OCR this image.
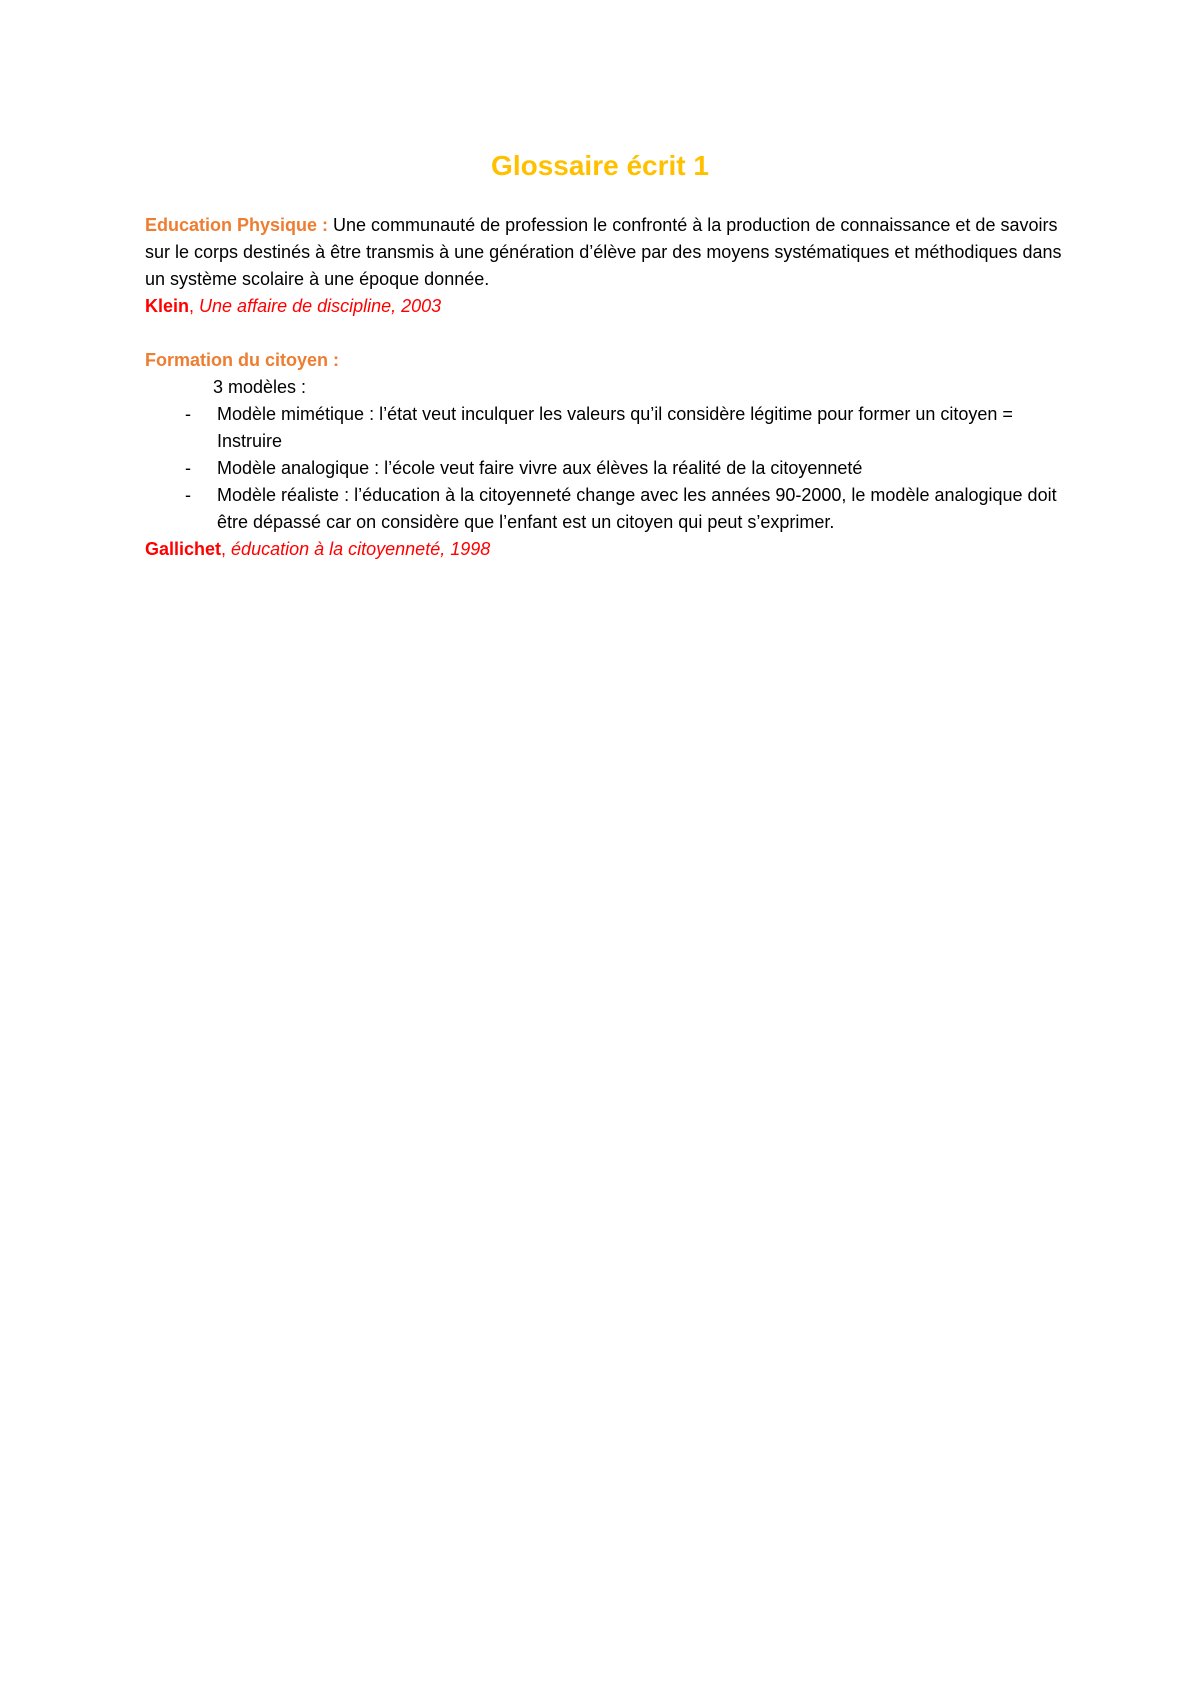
Glossaire écrit 1

Education Physique : Une communauté de profession le confronté à la production de connaissance et de savoirs sur le corps destinés à être transmis à une génération d’élève par des moyens systématiques et méthodiques dans un système scolaire à une époque donnée.

Klein, Une affaire de discipline, 2003

Formation du citoyen :

3 modèles :

- Modèle mimétique : l’état veut inculquer les valeurs qu’il considère légitime pour former un citoyen = Instruire
- Modèle analogique : l’école veut faire vivre aux élèves la réalité de la citoyenneté
- Modèle réaliste : l’éducation à la citoyenneté change avec les années 90-2000, le modèle analogique doit être dépassé car on considère que l’enfant est un citoyen qui peut s’exprimer.

Gallichet, éducation à la citoyenneté, 1998
